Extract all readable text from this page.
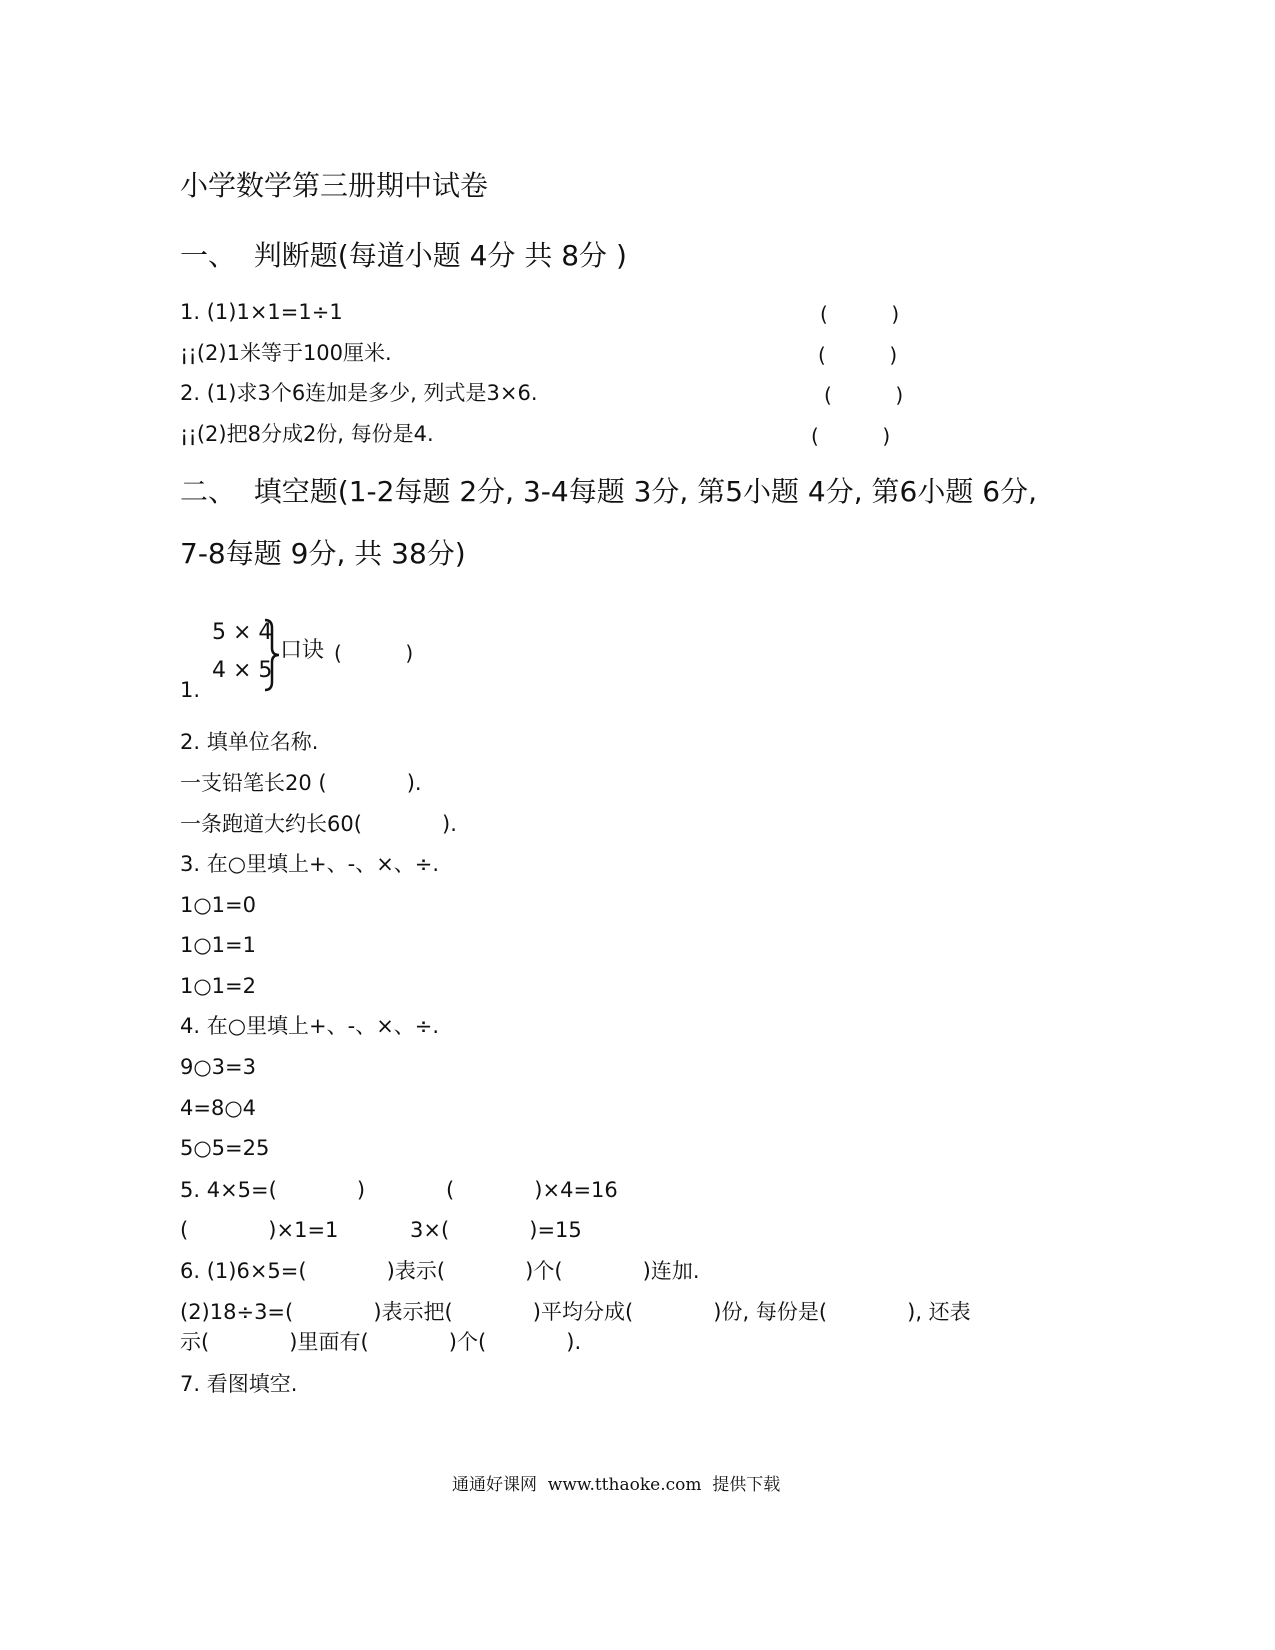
小学数学第三册期中试卷
一、  判断题(每道小题 4分 共 8分 )
1. (1)1×1=1÷1	(          )
¡¡(2)1米等于100厘米.	(          )
2. (1)求3个6连加是多少, 列式是3×6.	(          )
¡¡(2)把8分成2份, 每份是4.	(          )
二、  填空题(1-2每题 2分, 3-4每题 3分, 第5小题 4分, 第6小题 6分,
7-8每题 9分, 共 38分)
1.
5 × 4
4 × 5
口诀 (          )
2. 填单位名称.
一支铅笔长20 (            ).
一条跑道大约长60(            ).
3. 在○里填上+、-、×、÷.
1○1=0
1○1=1
1○1=2
4. 在○里填上+、-、×、÷.
9○3=3
4=8○4
5○5=25
5. 4×5=(            )	(            )×4=16
(            )×1=1	3×(            )=15
6. (1)6×5=(            )表示(            )个(            )连加.
(2)18÷3=(            )表示把(            )平均分成(            )份, 每份是(            ), 还表
示(            )里面有(            )个(            ).
7. 看图填空.
通通好课网  www.tthaoke.com  提供下载
